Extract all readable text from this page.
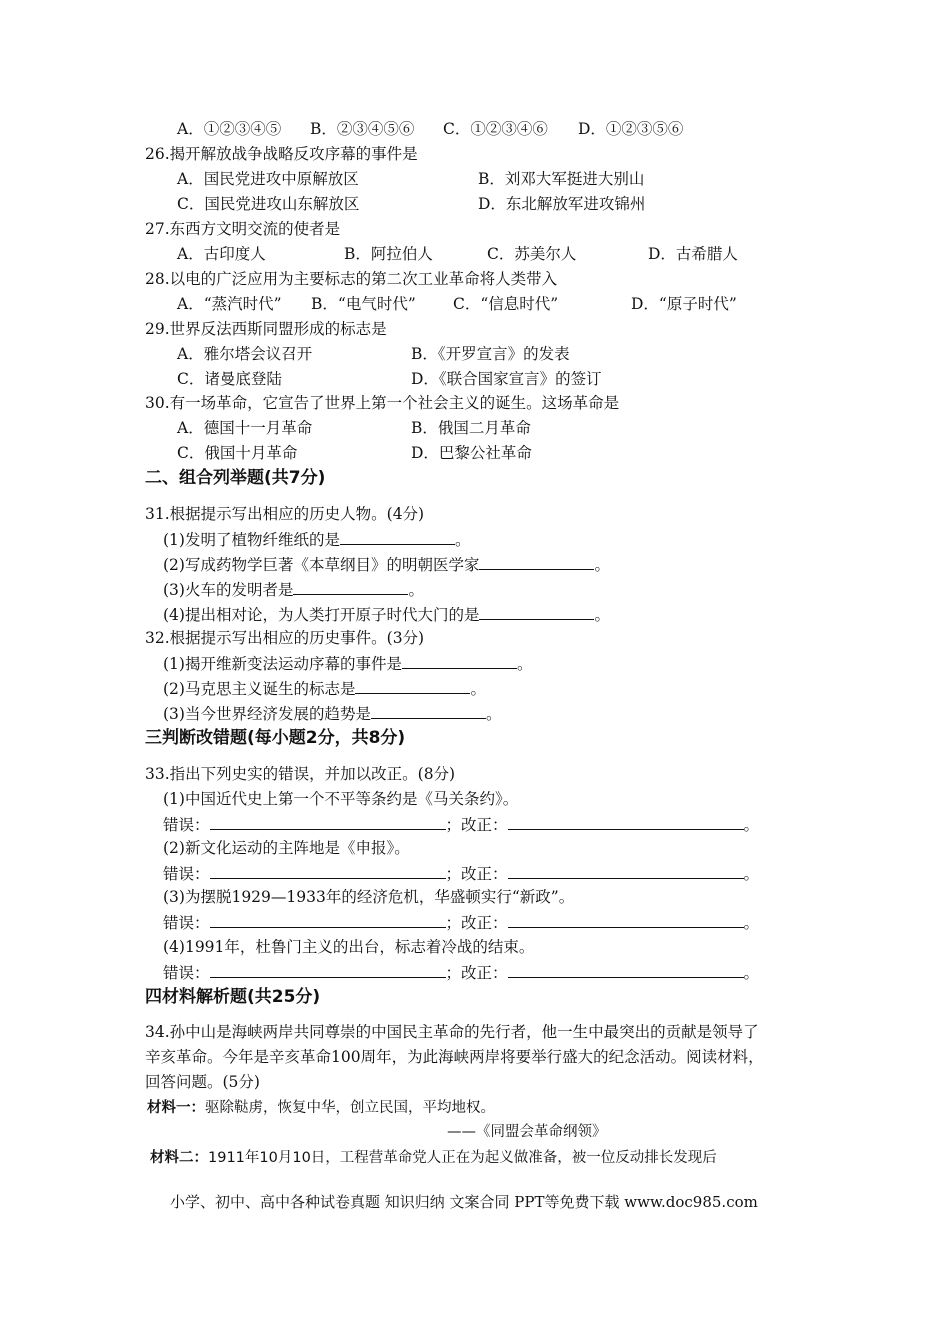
A．①②③④⑤ B．②③④⑤⑥ C．①②③④⑥ D．①②③⑤⑥
26.揭开解放战争战略反攻序幕的事件是
A．国民党进攻中原解放区	B．刘邓大军挺进大别山
C．国民党进攻山东解放区	D．东北解放军进攻锦州
27.东西方文明交流的使者是
A．古印度人	B．阿拉伯人	C．苏美尔人	D．古希腊人
28.以电的广泛应用为主要标志的第二次工业革命将人类带入
A．“蒸汽时代” B．“电气时代” C．“信息时代”	D．“原子时代”
29.世界反法西斯同盟形成的标志是
A．雅尔塔会议召开	B．《开罗宣言》的发表
C．诸曼底登陆	D．《联合国家宣言》的签订
30.有一场革命，它宣告了世界上第一个社会主义的诞生。这场革命是
A．德国十一月革命	B．俄国二月革命
C．俄国十月革命	D．巴黎公社革命
二、组合列举题(共7分)
31.根据提示写出相应的历史人物。(4分)
(1)发明了植物纤维纸的是	。
(2)写成药物学巨著《本草纲目》的明朝医学家	。
(3)火车的发明者是	。
(4)提出相对论，为人类打开原子时代大门的是	。
32.根据提示写出相应的历史事件。(3分)
(1)揭开维新变法运动序幕的事件是	。
(2)马克思主义诞生的标志是	。
(3)当今世界经济发展的趋势是	。
三判断改错题(每小题2分，共8分)
33.指出下列史实的错误，并加以改正。(8分)
(1)中国近代史上第一个不平等条约是《马关条约》。
错误：	；改正：	。
(2)新文化运动的主阵地是《申报》。
错误：	；改正：	。
(3)为摆脱1929—1933年的经济危机，华盛顿实行“新政”。
错误：	；改正：	。
(4)1991年，杜鲁门主义的出台，标志着冷战的结束。
错误：	；改正：	。
四材料解析题(共25分)
34.孙中山是海峡两岸共同尊崇的中国民主革命的先行者，他一生中最突出的贡献是领导了
辛亥革命。今年是辛亥革命100周年，为此海峡两岸将要举行盛大的纪念活动。阅读材料，
回答问题。(5分)
材料一：驱除鞑虏，恢复中华，创立民国，平均地权。
——《同盟会革命纲领》
材料二：1911年10月10日，工程营革命党人正在为起义做准备，被一位反动排长发现后
小学、初中、高中各种试卷真题 知识归纳 文案合同 PPT等免费下载 www.doc985.com
